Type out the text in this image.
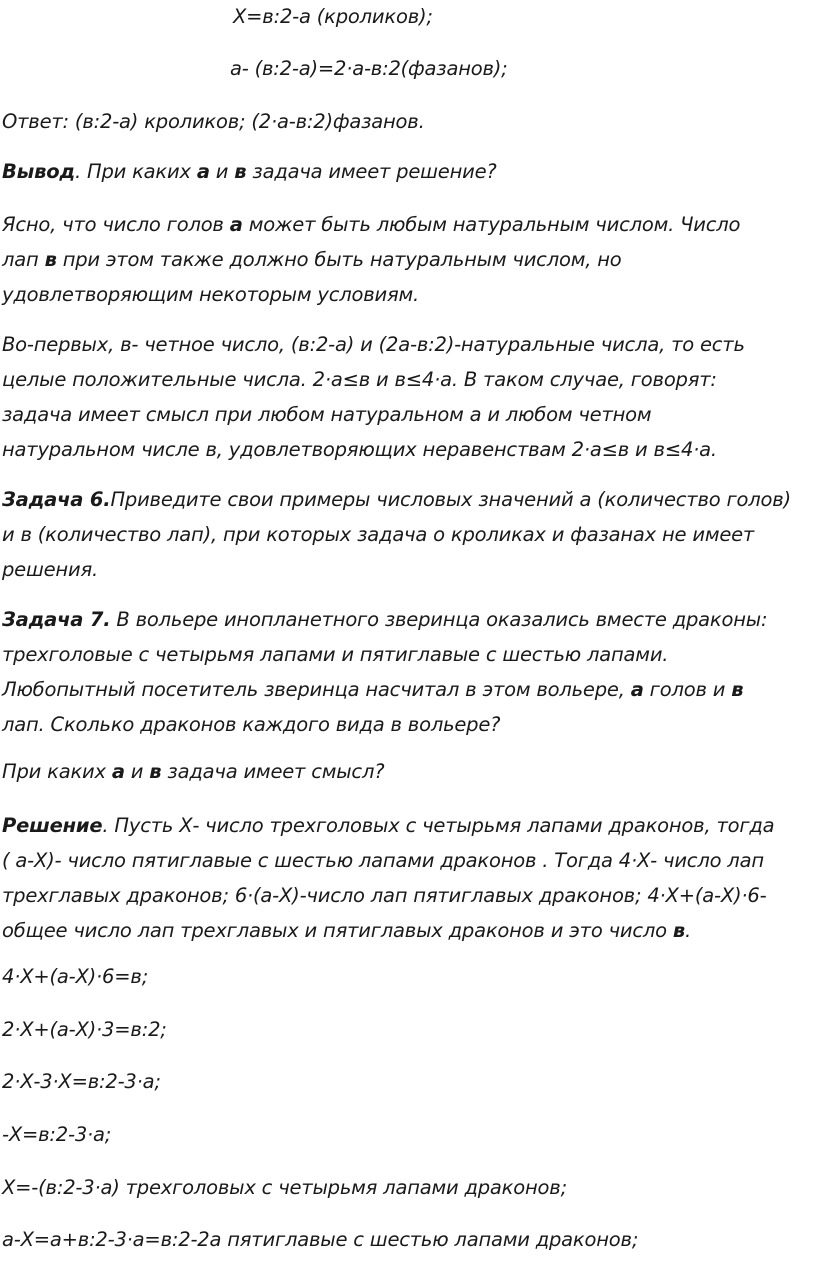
X=в:2-a (кроликов);
a- (в:2-a)=2·a-в:2(фазанов);
Ответ: (в:2-a) кроликов; (2·a-в:2)фазанов.
Вывод. При каких а и в задача имеет решение?
Ясно, что число голов а может быть любым натуральным числом. Число
лап в при этом также должно быть натуральным числом, но
удовлетворяющим некоторым условиям.
Во-первых, в- четное число, (в:2-а) и (2а-в:2)-натуральные числа, то есть
целые положительные числа. 2·a≤в и в≤4·a. В таком случае, говорят:
задача имеет смысл при любом натуральном а и любом четном
натуральном числе в, удовлетворяющих неравенствам 2·a≤в и в≤4·a.
Задача 6.Приведите свои примеры числовых значений а (количество голов)
и в (количество лап), при которых задача о кроликах и фазанах не имеет
решения.
Задача 7. В вольере инопланетного зверинца оказались вместе драконы:
трехголовые с четырьмя лапами и пятиглавые с шестью лапами.
Любопытный посетитель зверинца насчитал в этом вольере, а голов и в
лап. Сколько драконов каждого вида в вольере?
При каких а и в задача имеет смысл?
Решение. Пусть Х- число трехголовых с четырьмя лапами драконов, тогда
( а-Х)- число пятиглавые с шестью лапами драконов . Тогда 4·Х- число лап
трехглавых драконов; 6·(а-Х)-число лап пятиглавых драконов; 4·Х+(а-Х)·6-
общее число лап трехглавых и пятиглавых драконов и это число в.
4·Х+(а-Х)·6=в;
2·Х+(а-Х)·3=в:2;
2·Х-3·Х=в:2-3·а;
-Х=в:2-3·а;
Х=-(в:2-3·а) трехголовых с четырьмя лапами драконов;
а-Х=а+в:2-3·а=в:2-2а пятиглавые с шестью лапами драконов;
